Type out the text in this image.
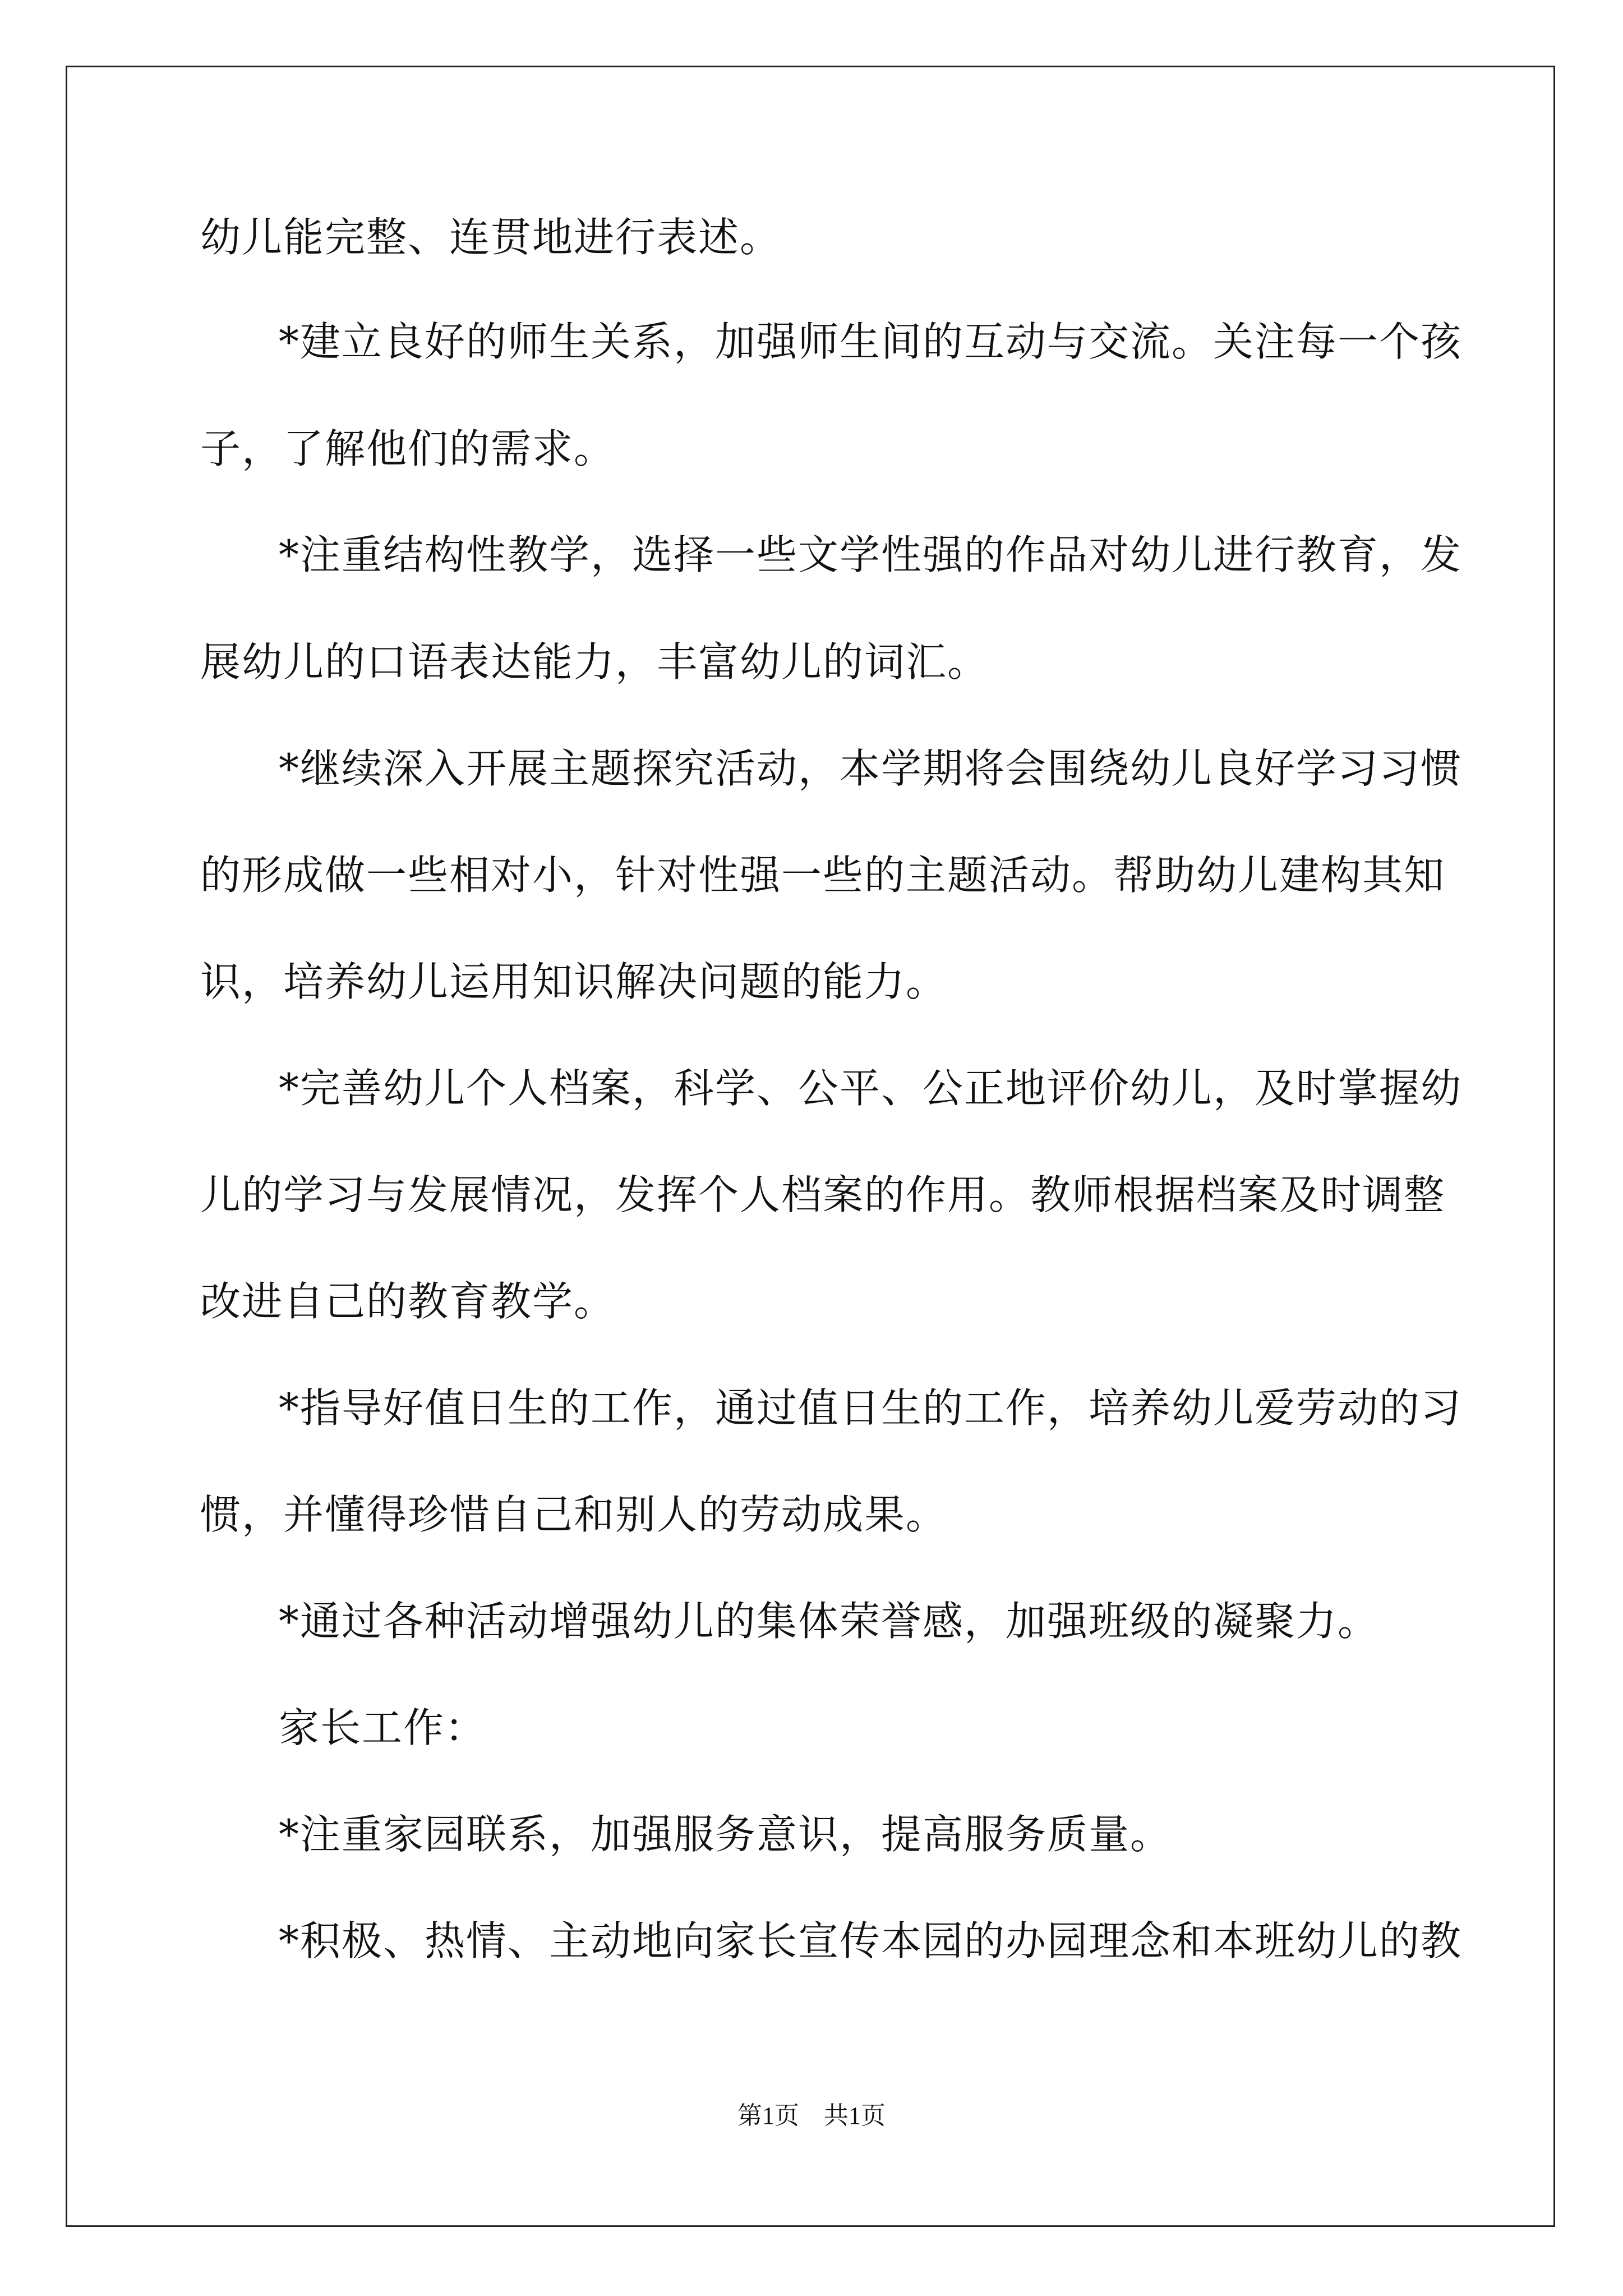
幼儿能完整、连贯地进行表述。
*建立良好的师生关系，加强师生间的互动与交流。关注每一个孩
子，了解他们的需求。
*注重结构性教学，选择一些文学性强的作品对幼儿进行教育，发
展幼儿的口语表达能力，丰富幼儿的词汇。
*继续深入开展主题探究活动，本学期将会围绕幼儿良好学习习惯
的形成做一些相对小，针对性强一些的主题活动。帮助幼儿建构其知
识，培养幼儿运用知识解决问题的能力。
*完善幼儿个人档案，科学、公平、公正地评价幼儿，及时掌握幼
儿的学习与发展情况，发挥个人档案的作用。教师根据档案及时调整
改进自己的教育教学。
*指导好值日生的工作，通过值日生的工作，培养幼儿爱劳动的习
惯，并懂得珍惜自己和别人的劳动成果。
*通过各种活动增强幼儿的集体荣誉感，加强班级的凝聚力。
家长工作：
*注重家园联系，加强服务意识，提高服务质量。
*积极、热情、主动地向家长宣传本园的办园理念和本班幼儿的教
第1页　共1页
